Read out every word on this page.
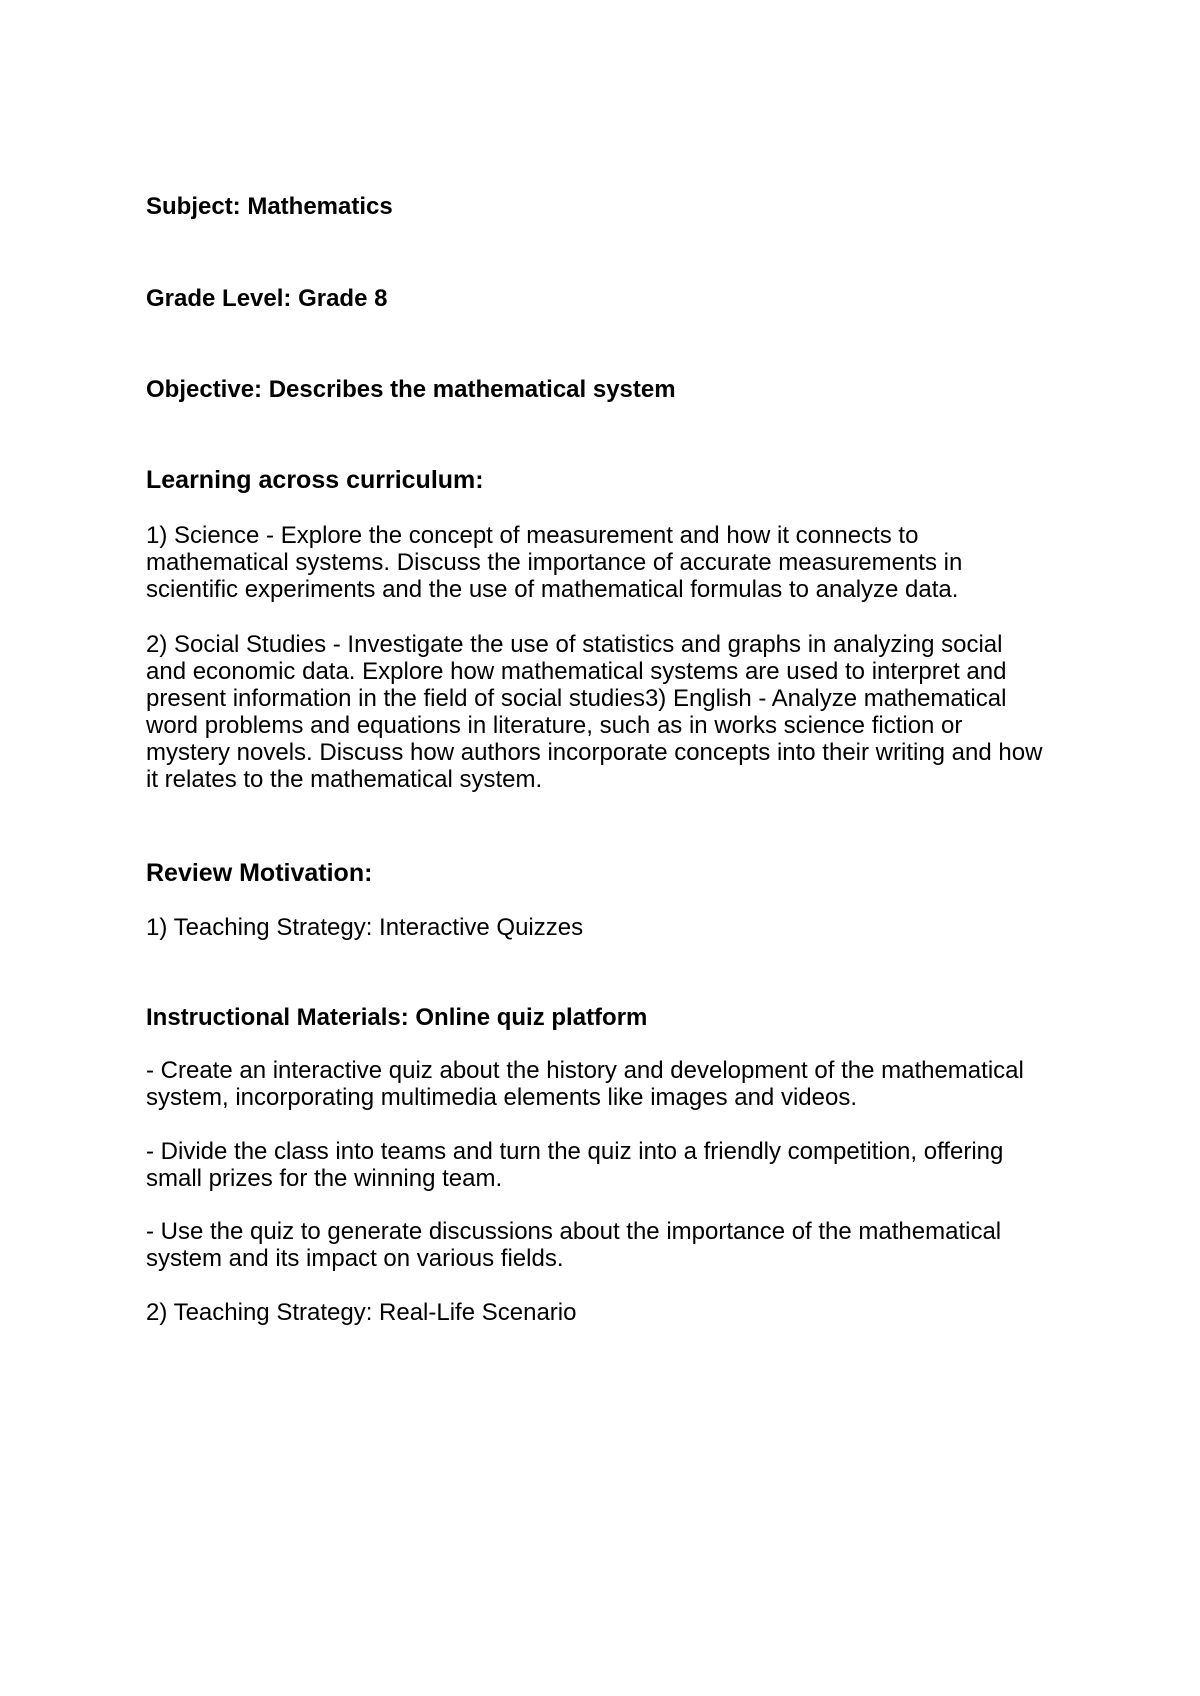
Subject: Mathematics
Grade Level: Grade 8
Objective: Describes the mathematical system
Learning across curriculum:
1) Science - Explore the concept of measurement and how it connects to
mathematical systems. Discuss the importance of accurate measurements in
scientific experiments and the use of mathematical formulas to analyze data.
2) Social Studies - Investigate the use of statistics and graphs in analyzing social
and economic data. Explore how mathematical systems are used to interpret and
present information in the field of social studies3) English - Analyze mathematical
word problems and equations in literature, such as in works science fiction or
mystery novels. Discuss how authors incorporate concepts into their writing and how
it relates to the mathematical system.
Review Motivation:
1) Teaching Strategy: Interactive Quizzes
Instructional Materials: Online quiz platform
- Create an interactive quiz about the history and development of the mathematical
system, incorporating multimedia elements like images and videos.
- Divide the class into teams and turn the quiz into a friendly competition, offering
small prizes for the winning team.
- Use the quiz to generate discussions about the importance of the mathematical
system and its impact on various fields.
2) Teaching Strategy: Real-Life Scenario
